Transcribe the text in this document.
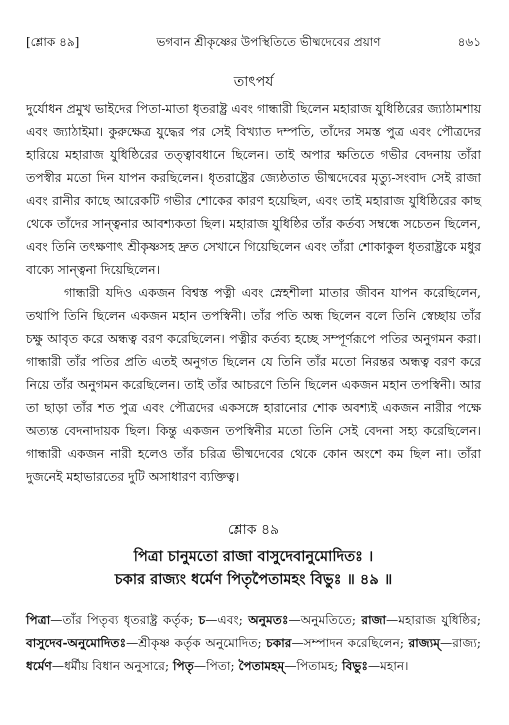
[শ্লোক ৪৯]	ভগবান শ্রীকৃষ্ণের উপস্থিতিতে ভীষ্মদেবের প্রয়াণ	৪৬১
তাৎপর্য

দুর্যোধন প্রমুখ ভাইদের পিতা-মাতা ধৃতরাষ্ট্র এবং গান্ধারী ছিলেন মহারাজ যুধিষ্ঠিরের জ্যাঠামশায় এবং জ্যাঠাইমা। কুরুক্ষেত্র যুদ্ধের পর সেই বিখ্যাত দম্পতি, তাঁদের সমস্ত পুত্র এবং পৌত্রদের হারিয়ে মহারাজ যুধিষ্ঠিরের তত্ত্বাবধানে ছিলেন। তাই অপার ক্ষতিতে গভীর বেদনায় তাঁরা তপস্বীর মতো দিন যাপন করছিলেন। ধৃতরাষ্ট্রের জ্যেষ্ঠতাত ভীষ্মদেবের মৃত্যু-সংবাদ সেই রাজা এবং রানীর কাছে আরেকটি গভীর শোকের কারণ হয়েছিল, এবং তাই মহারাজ যুধিষ্ঠিরের কাছ থেকে তাঁদের সান্ত্বনার আবশ্যকতা ছিল। মহারাজ যুধিষ্ঠির তাঁর কর্তব্য সম্বন্ধে সচেতন ছিলেন, এবং তিনি তৎক্ষণাৎ শ্রীকৃষ্ণসহ দ্রুত সেখানে গিয়েছিলেন এবং তাঁরা শোকাকুল ধৃতরাষ্ট্রকে মধুর বাক্যে সান্ত্বনা দিয়েছিলেন।

গান্ধারী যদিও একজন বিশ্বস্ত পত্নী এবং স্নেহশীলা মাতার জীবন যাপন করেছিলেন, তথাপি তিনি ছিলেন একজন মহান তপস্বিনী। তাঁর পতি অন্ধ ছিলেন বলে তিনি স্বেচ্ছায় তাঁর চক্ষু আবৃত করে অন্ধত্ব বরণ করেছিলেন। পত্নীর কর্তব্য হচ্ছে সম্পূর্ণরূপে পতির অনুগমন করা। গান্ধারী তাঁর পতির প্রতি এতই অনুগত ছিলেন যে তিনি তাঁর মতো নিরন্তর অন্ধত্ব বরণ করে নিয়ে তাঁর অনুগমন করেছিলেন। তাই তাঁর আচরণে তিনি ছিলেন একজন মহান তপস্বিনী। আর তা ছাড়া তাঁর শত পুত্র এবং পৌত্রদের একসঙ্গে হারানোর শোক অবশ্যই একজন নারীর পক্ষে অত্যন্ত বেদনাদায়ক ছিল। কিন্তু একজন তপস্বিনীর মতো তিনি সেই বেদনা সহ্য করেছিলেন। গান্ধারী একজন নারী হলেও তাঁর চরিত্র ভীষ্মদেবের থেকে কোন অংশে কম ছিল না। তাঁরা দুজনেই মহাভারতের দুটি অসাধারণ ব্যক্তিত্ব।

শ্লোক ৪৯

পিত্রা চানুমতো রাজা বাসুদেবানুমোদিতঃ ।

চকার রাজ্যং ধর্মেণ পিতৃপৈতামহং বিভুঃ ॥ ৪৯ ॥

পিত্রা—তাঁর পিতৃব্য ধৃতরাষ্ট্র কর্তৃক; চ—এবং; অনুমতঃ—অনুমতিতে; রাজা—মহারাজ যুধিষ্ঠির; বাসুদেব-অনুমোদিতঃ—শ্রীকৃষ্ণ কর্তৃক অনুমোদিত; চকার—সম্পাদন করেছিলেন; রাজ্যম্—রাজ্য; ধর্মেণ—ধর্মীয় বিধান অনুসারে; পিতৃ—পিতা; পৈতামহম্—পিতামহ; বিভুঃ—মহান।
